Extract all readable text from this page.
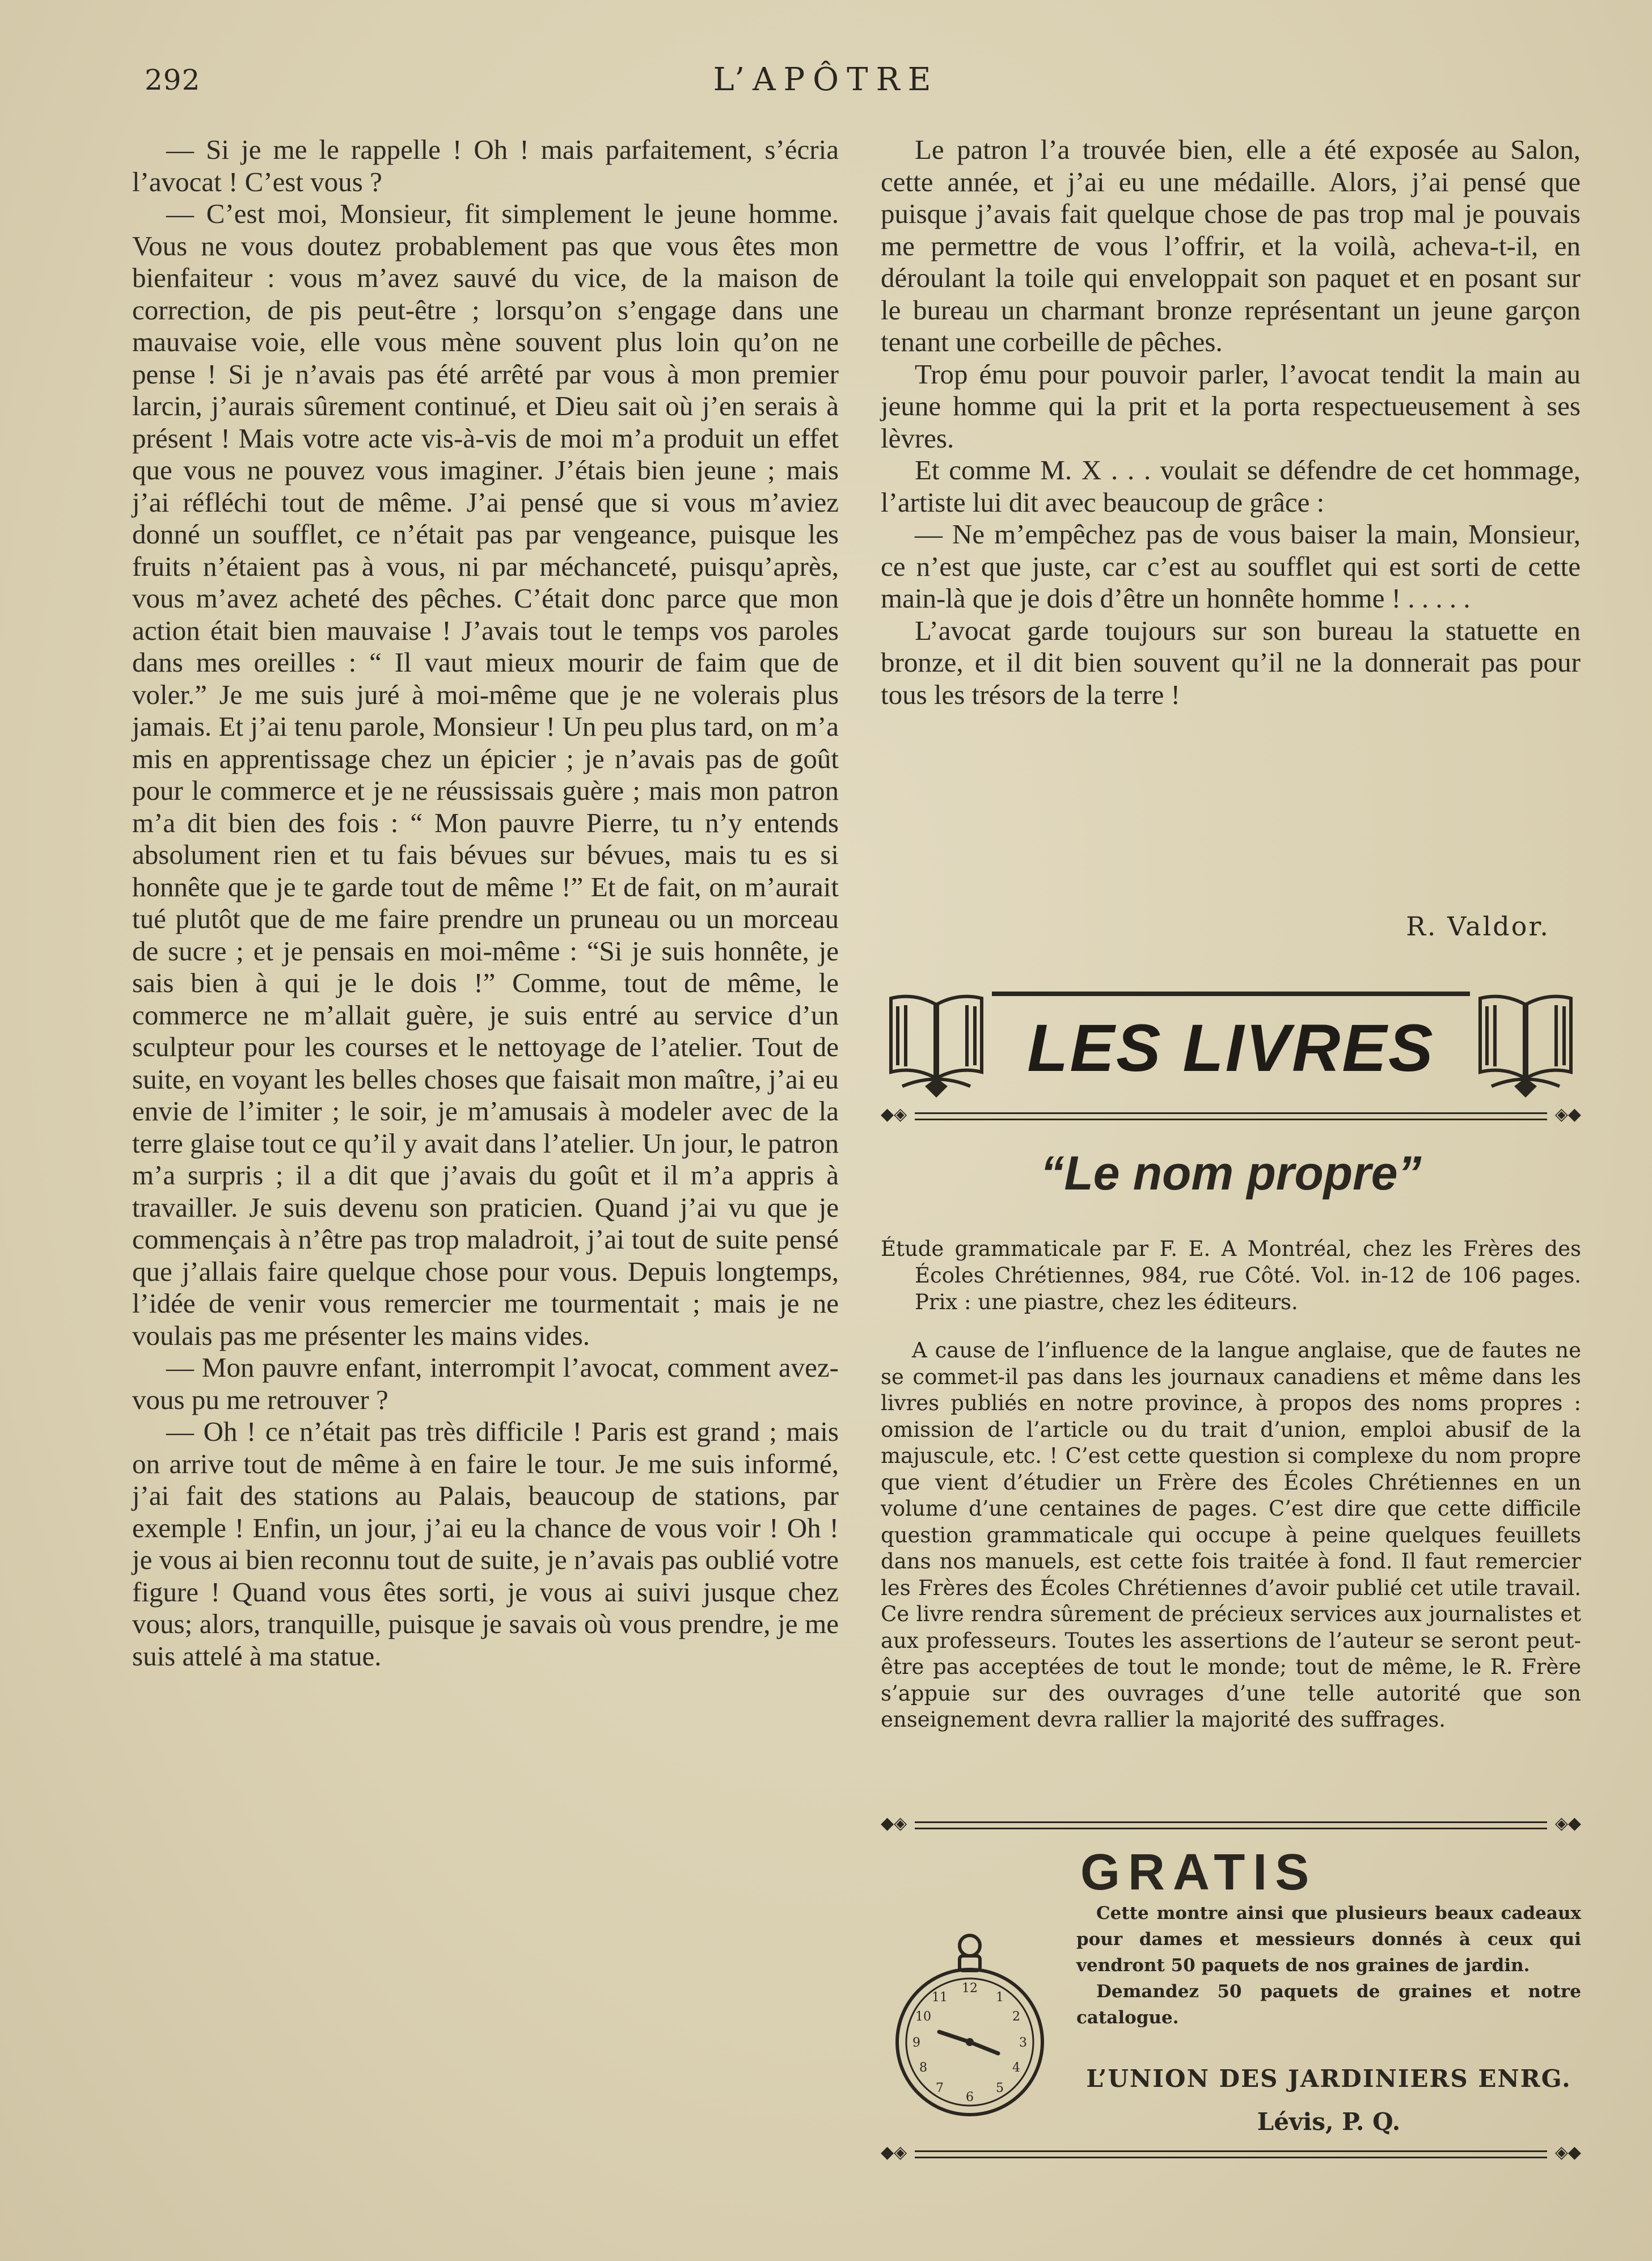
292	L’APÔTRE

— Si je me le rappelle ! Oh ! mais parfaitement, s’écria l’avocat ! C’est vous ?

— C’est moi, Monsieur, fit simplement le jeune homme. Vous ne vous doutez probablement pas que vous êtes mon bienfaiteur : vous m’avez sauvé du vice, de la maison de correction, de pis peut-être ; lorsqu’on s’engage dans une mauvaise voie, elle vous mène souvent plus loin qu’on ne pense ! Si je n’avais pas été arrêté par vous à mon premier larcin, j’aurais sûrement continué, et Dieu sait où j’en serais à présent ! Mais votre acte vis-à-vis de moi m’a produit un effet que vous ne pouvez vous imaginer. J’étais bien jeune ; mais j’ai réfléchi tout de même. J’ai pensé que si vous m’aviez donné un soufflet, ce n’était pas par vengeance, puisque les fruits n’étaient pas à vous, ni par méchanceté, puisqu’après, vous m’avez acheté des pêches. C’était donc parce que mon action était bien mauvaise ! J’avais tout le temps vos paroles dans mes oreilles : “ Il vaut mieux mourir de faim que de voler.” Je me suis juré à moi-même que je ne volerais plus jamais. Et j’ai tenu parole, Monsieur ! Un peu plus tard, on m’a mis en apprentissage chez un épicier ; je n’avais pas de goût pour le commerce et je ne réussissais guère ; mais mon patron m’a dit bien des fois : “ Mon pauvre Pierre, tu n’y entends absolument rien et tu fais bévues sur bévues, mais tu es si honnête que je te garde tout de même !” Et de fait, on m’aurait tué plutôt que de me faire prendre un pruneau ou un morceau de sucre ; et je pensais en moi-même : “Si je suis honnête, je sais bien à qui je le dois !” Comme, tout de même, le commerce ne m’allait guère, je suis entré au service d’un sculpteur pour les courses et le nettoyage de l’atelier. Tout de suite, en voyant les belles choses que faisait mon maître, j’ai eu envie de l’imiter ; le soir, je m’amusais à modeler avec de la terre glaise tout ce qu’il y avait dans l’atelier. Un jour, le patron m’a surpris ; il a dit que j’avais du goût et il m’a appris à travailler. Je suis devenu son praticien. Quand j’ai vu que je commençais à n’être pas trop maladroit, j’ai tout de suite pensé que j’allais faire quelque chose pour vous. Depuis longtemps, l’idée de venir vous remercier me tourmentait ; mais je ne voulais pas me présenter les mains vides.

— Mon pauvre enfant, interrompit l’avocat, comment avez-vous pu me retrouver ?

— Oh ! ce n’était pas très difficile ! Paris est grand ; mais on arrive tout de même à en faire le tour. Je me suis informé, j’ai fait des stations au Palais, beaucoup de stations, par exemple ! Enfin, un jour, j’ai eu la chance de vous voir ! Oh ! je vous ai bien reconnu tout de suite, je n’avais pas oublié votre figure ! Quand vous êtes sorti, je vous ai suivi jusque chez vous; alors, tranquille, puisque je savais où vous prendre, je me suis attelé à ma statue.

Le patron l’a trouvée bien, elle a été exposée au Salon, cette année, et j’ai eu une médaille. Alors, j’ai pensé que puisque j’avais fait quelque chose de pas trop mal je pouvais me permettre de vous l’offrir, et la voilà, acheva-t-il, en déroulant la toile qui enveloppait son paquet et en posant sur le bureau un charmant bronze représentant un jeune garçon tenant une corbeille de pêches.

Trop ému pour pouvoir parler, l’avocat tendit la main au jeune homme qui la prit et la porta respectueusement à ses lèvres.

Et comme M. X . . . voulait se défendre de cet hommage, l’artiste lui dit avec beaucoup de grâce :

— Ne m’empêchez pas de vous baiser la main, Monsieur, ce n’est que juste, car c’est au soufflet qui est sorti de cette main-là que je dois d’être un honnête homme ! . . . . .

L’avocat garde toujours sur son bureau la statuette en bronze, et il dit bien souvent qu’il ne la donnerait pas pour tous les trésors de la terre !

R. Valdor.
LES LIVRES
◆◈	◈◆
“Le nom propre”
Étude grammaticale par F. E. A Montréal, chez les Frères des Écoles Chrétiennes, 984, rue Côté. Vol. in-12 de 106 pages. Prix : une piastre, chez les éditeurs.

A cause de l’influence de la langue anglaise, que de fautes ne se commet-il pas dans les journaux canadiens et même dans les livres publiés en notre province, à propos des noms propres : omission de l’article ou du trait d’union, emploi abusif de la majuscule, etc. ! C’est cette question si complexe du nom propre que vient d’étudier un Frère des Écoles Chrétiennes en un volume d’une centaines de pages. C’est dire que cette difficile question grammaticale qui occupe à peine quelques feuillets dans nos manuels, est cette fois traitée à fond. Il faut remercier les Frères des Écoles Chrétiennes d’avoir publié cet utile travail. Ce livre rendra sûrement de précieux services aux journalistes et aux professeurs. Toutes les assertions de l’auteur se seront peut-être pas acceptées de tout le monde; tout de même, le R. Frère s’appuie sur des ouvrages d’une telle autorité que son enseignement devra rallier la majorité des suffrages.

◆◈	◈◆
GRATIS
12
1
2
3
4
5
6
7
8
9
10
11

Cette montre ainsi que plusieurs beaux cadeaux pour dames et messieurs donnés à ceux qui vendront 50 paquets de nos graines de jardin.

Demandez 50 paquets de graines et notre catalogue.

L’UNION DES JARDINIERS ENRG.
Lévis, P. Q.
◆◈	◈◆
